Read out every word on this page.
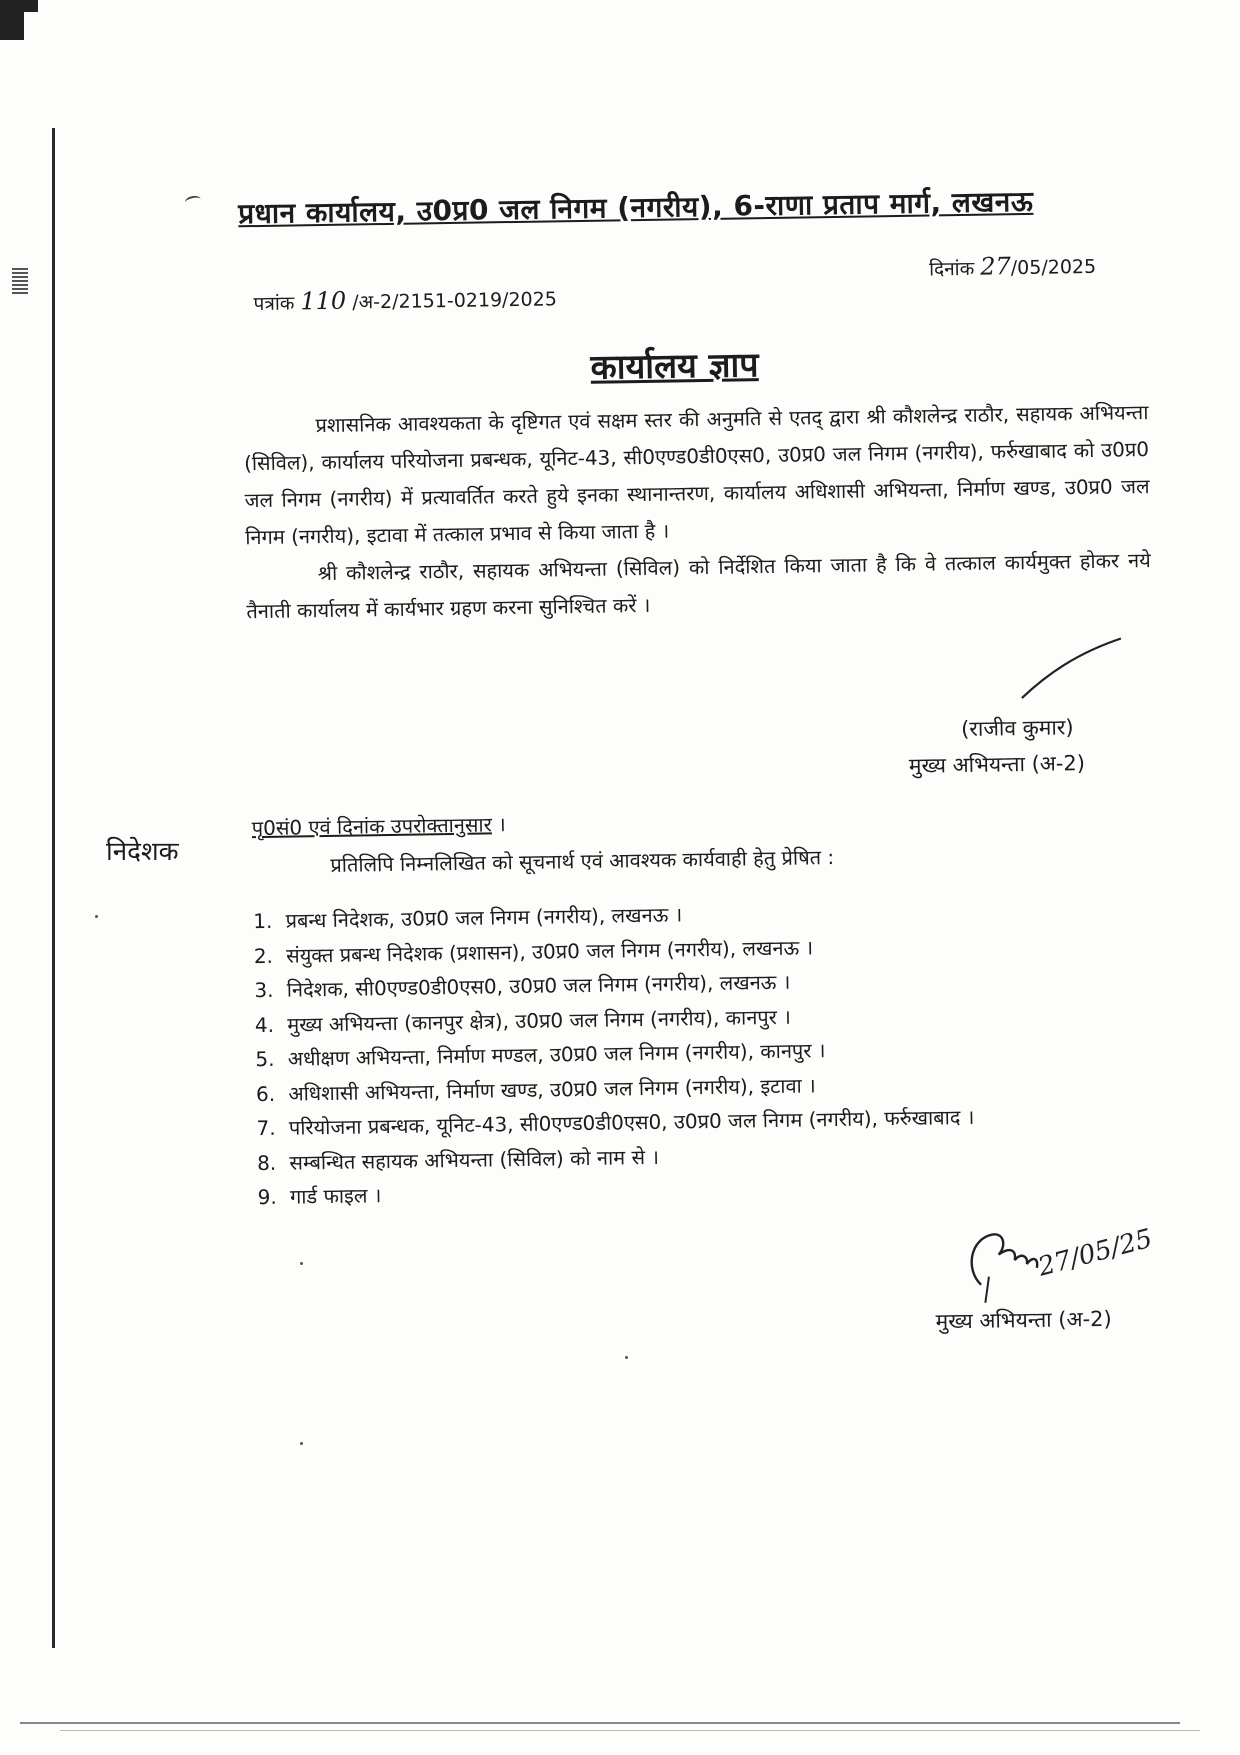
प्रधान कार्यालय, उ0प्र0 जल निगम (नगरीय), 6-राणा प्रताप मार्ग, लखनऊ
पत्रांक 110 /अ-2/2151-0219/2025
दिनांक 27/05/2025
कार्यालय ज्ञाप

प्रशासनिक आवश्यकता के दृष्टिगत एवं सक्षम स्तर की अनुमति से एतद् द्वारा श्री कौशलेन्द्र राठौर, सहायक अभियन्ता (सिविल), कार्यालय परियोजना प्रबन्धक, यूनिट-43, सी0एण्ड0डी0एस0, उ0प्र0 जल निगम (नगरीय), फर्रुखाबाद को उ0प्र0 जल निगम (नगरीय) में प्रत्यावर्तित करते हुये इनका स्थानान्तरण, कार्यालय अधिशासी अभियन्ता, निर्माण खण्ड, उ0प्र0 जल निगम (नगरीय), इटावा में तत्काल प्रभाव से किया जाता है ।

श्री कौशलेन्द्र राठौर, सहायक अभियन्ता (सिविल) को निर्देशित किया जाता है कि वे तत्काल कार्यमुक्त होकर नये तैनाती कार्यालय में कार्यभार ग्रहण करना सुनिश्चित करें ।

(राजीव कुमार)
मुख्य अभियन्ता (अ-2)
पृ0सं0 एवं दिनांक उपरोक्तानुसार ।
प्रतिलिपि निम्नलिखित को सूचनार्थ एवं आवश्यक कार्यवाही हेतु प्रेषित :
1. प्रबन्ध निदेशक, उ0प्र0 जल निगम (नगरीय), लखनऊ ।
2. संयुक्त प्रबन्ध निदेशक (प्रशासन), उ0प्र0 जल निगम (नगरीय), लखनऊ ।
3. निदेशक, सी0एण्ड0डी0एस0, उ0प्र0 जल निगम (नगरीय), लखनऊ ।
4. मुख्य अभियन्ता (कानपुर क्षेत्र), उ0प्र0 जल निगम (नगरीय), कानपुर ।
5. अधीक्षण अभियन्ता, निर्माण मण्डल, उ0प्र0 जल निगम (नगरीय), कानपुर ।
6. अधिशासी अभियन्ता, निर्माण खण्ड, उ0प्र0 जल निगम (नगरीय), इटावा ।
7. परियोजना प्रबन्धक, यूनिट-43, सी0एण्ड0डी0एस0, उ0प्र0 जल निगम (नगरीय), फर्रुखाबाद ।
8. सम्बन्धित सहायक अभियन्ता (सिविल) को नाम से ।
9. गार्ड फाइल ।
27/05/25
मुख्य अभियन्ता (अ-2)
निदेशक
